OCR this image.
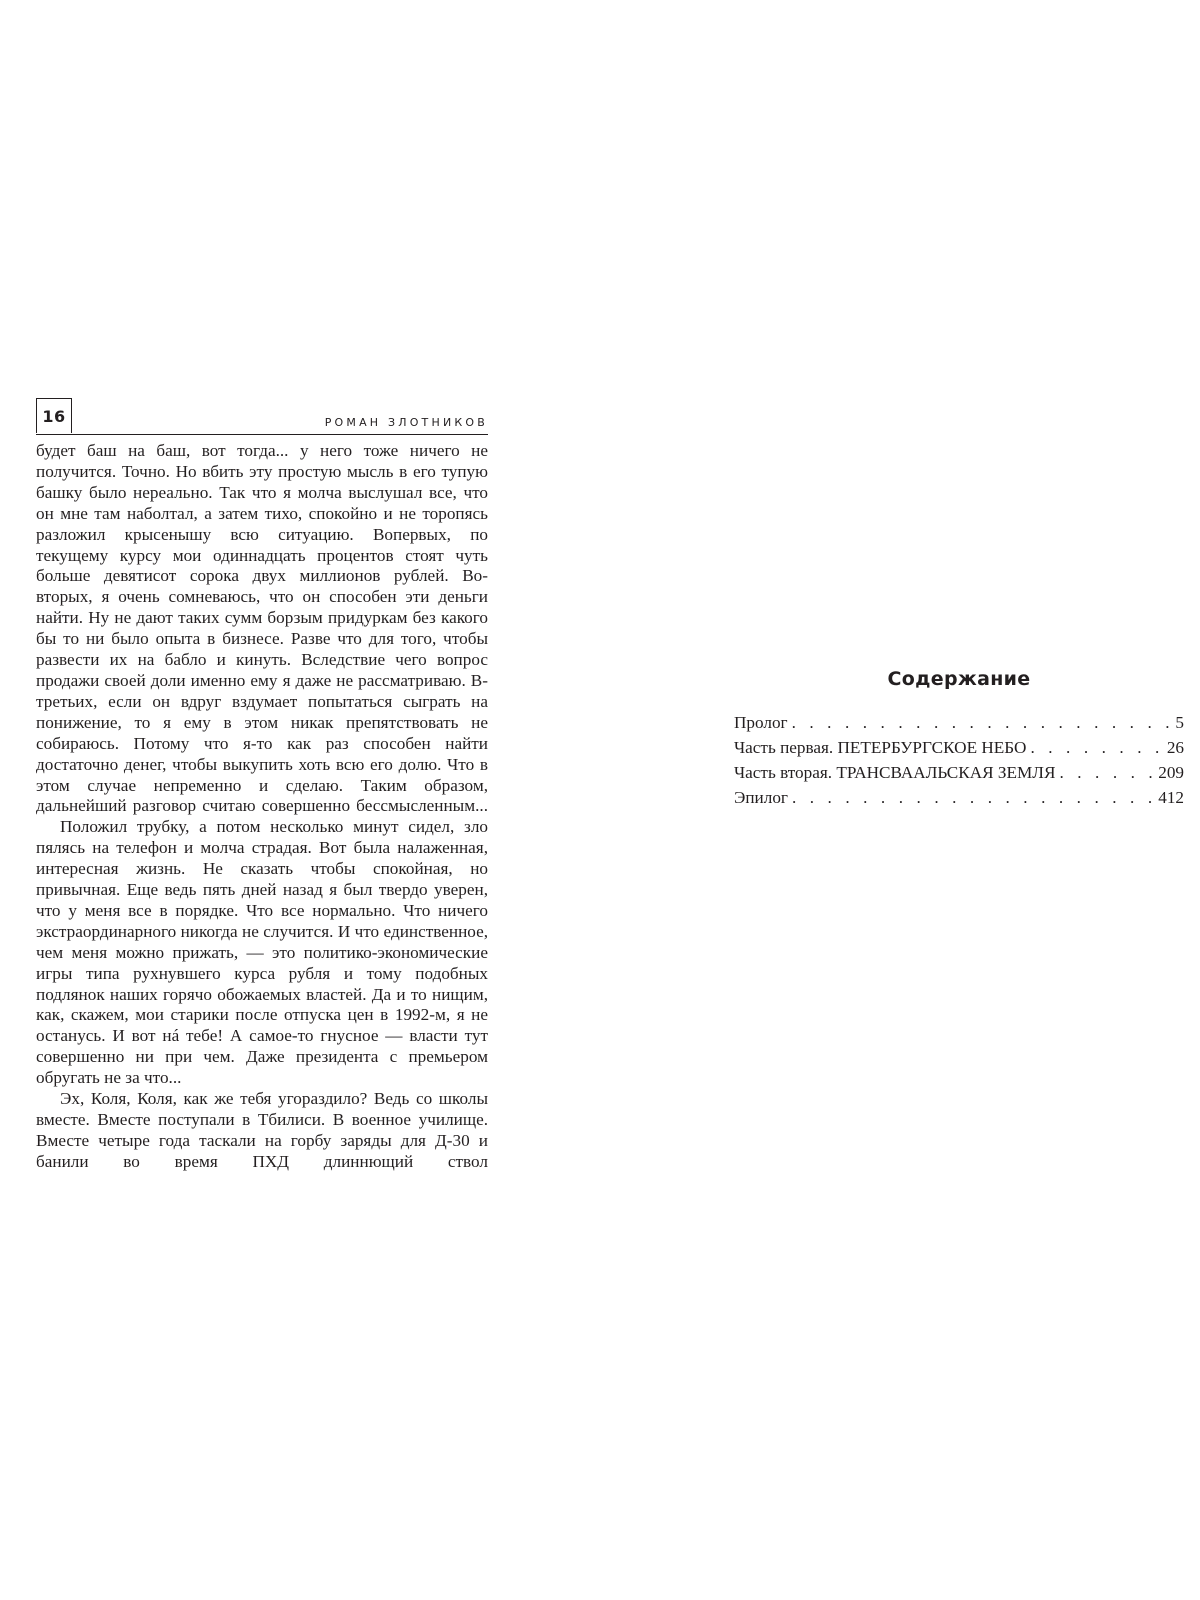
16	РОМАН ЗЛОТНИКОВ

будет баш на баш, вот тогда... у него тоже ничего не получится. Точно. Но вбить эту простую мысль в его тупую башку было нереально. Так что я молча выслушал все, что он мне там наболтал, а затем тихо, спокойно и не торопясь разложил крысенышу всю ситуацию. Вопервых, по текущему курсу мои одиннадцать процентов стоят чуть больше девятисот сорока двух миллионов рублей. Во-вторых, я очень сомневаюсь, что он способен эти деньги найти. Ну не дают таких сумм борзым придуркам без какого бы то ни было опыта в бизнесе. Разве что для того, чтобы развести их на бабло и кинуть. Вследствие чего вопрос продажи своей доли именно ему я даже не рассматриваю. В-третьих, если он вдруг вздумает попытаться сыграть на понижение, то я ему в этом никак препятствовать не собираюсь. Потому что я-то как раз способен найти достаточно денег, чтобы выкупить хоть всю его долю. Что в этом случае непременно и сделаю. Таким образом, дальнейший разговор считаю совершенно бессмысленным...

Положил трубку, а потом несколько минут сидел, зло пялясь на телефон и молча страдая. Вот была налаженная, интересная жизнь. Не сказать чтобы спокойная, но привычная. Еще ведь пять дней назад я был твердо уверен, что у меня все в порядке. Что все нормально. Что ничего экстраординарного никогда не случится. И что единственное, чем меня можно прижать, — это политико-экономические игры типа рухнувшего курса рубля и тому подобных подлянок наших горячо обожаемых властей. Да и то нищим, как, скажем, мои старики после отпуска цен в 1992-м, я не останусь. И вот нá тебе! А самое-то гнусное — власти тут совершенно ни при чем. Даже президента с премьером обругать не за что...

Эх, Коля, Коля, как же тебя угораздило? Ведь со школы вместе. Вместе поступали в Тбилиси. В военное училище. Вместе четыре года таскали на горбу заряды для Д-30 и банили во время ПХД длиннющий ствол

Содержание
Пролог . . .	5
Часть первая. ПЕТЕРБУРГСКОЕ НЕБО . . .	26
Часть вторая. ТРАНСВААЛЬСКАЯ ЗЕМЛЯ . . .	209
Эпилог . . .	412
